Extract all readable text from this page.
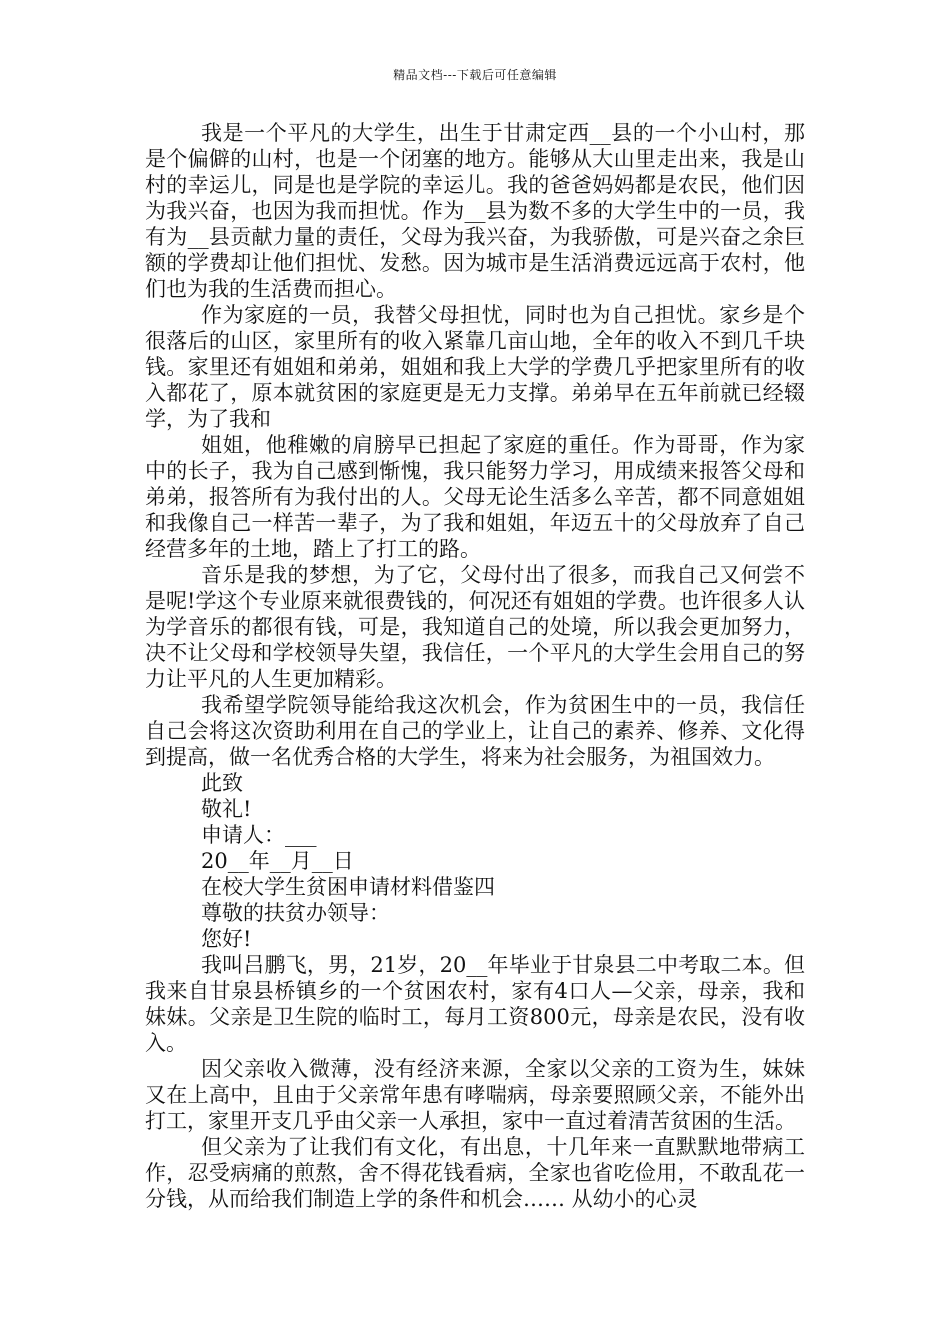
精品文档---下载后可任意编辑

我是一个平凡的大学生，出生于甘肃定西__县的一个小山村，那是个偏僻的山村，也是一个闭塞的地方。能够从大山里走出来，我是山村的幸运儿，同是也是学院的幸运儿。我的爸爸妈妈都是农民，他们因为我兴奋，也因为我而担忧。作为__县为数不多的大学生中的一员，我有为__县贡献力量的责任，父母为我兴奋，为我骄傲，可是兴奋之余巨额的学费却让他们担忧、发愁。因为城市是生活消费远远高于农村，他们也为我的生活费而担心。

作为家庭的一员，我替父母担忧，同时也为自己担忧。家乡是个很落后的山区，家里所有的收入紧靠几亩山地，全年的收入不到几千块钱。家里还有姐姐和弟弟，姐姐和我上大学的学费几乎把家里所有的收入都花了，原本就贫困的家庭更是无力支撑。弟弟早在五年前就已经辍学，为了我和

姐姐，他稚嫩的肩膀早已担起了家庭的重任。作为哥哥，作为家中的长子，我为自己感到惭愧，我只能努力学习，用成绩来报答父母和弟弟，报答所有为我付出的人。父母无论生活多么辛苦，都不同意姐姐和我像自己一样苦一辈子，为了我和姐姐，年迈五十的父母放弃了自己经营多年的土地，踏上了打工的路。

音乐是我的梦想，为了它，父母付出了很多，而我自己又何尝不是呢!学这个专业原来就很费钱的，何况还有姐姐的学费。也许很多人认为学音乐的都很有钱，可是，我知道自己的处境，所以我会更加努力，决不让父母和学校领导失望，我信任，一个平凡的大学生会用自己的努力让平凡的人生更加精彩。

我希望学院领导能给我这次机会，作为贫困生中的一员，我信任自己会将这次资助利用在自己的学业上，让自己的素养、修养、文化得到提高，做一名优秀合格的大学生，将来为社会服务，为祖国效力。

此致

敬礼!

申请人：___

20__年__月__日

在校大学生贫困申请材料借鉴四

尊敬的扶贫办领导：

您好!

我叫吕鹏飞，男，21岁，20__年毕业于甘泉县二中考取二本。但我来自甘泉县桥镇乡的一个贫困农村，家有4口人—父亲，母亲，我和妹妹。父亲是卫生院的临时工，每月工资800元，母亲是农民，没有收入。

因父亲收入微薄，没有经济来源，全家以父亲的工资为生，妹妹又在上高中，且由于父亲常年患有哮喘病，母亲要照顾父亲，不能外出打工，家里开支几乎由父亲一人承担，家中一直过着清苦贫困的生活。

但父亲为了让我们有文化，有出息，十几年来一直默默地带病工作，忍受病痛的煎熬，舍不得花钱看病，全家也省吃俭用，不敢乱花一分钱，从而给我们制造上学的条件和机会…… 从幼小的心灵
